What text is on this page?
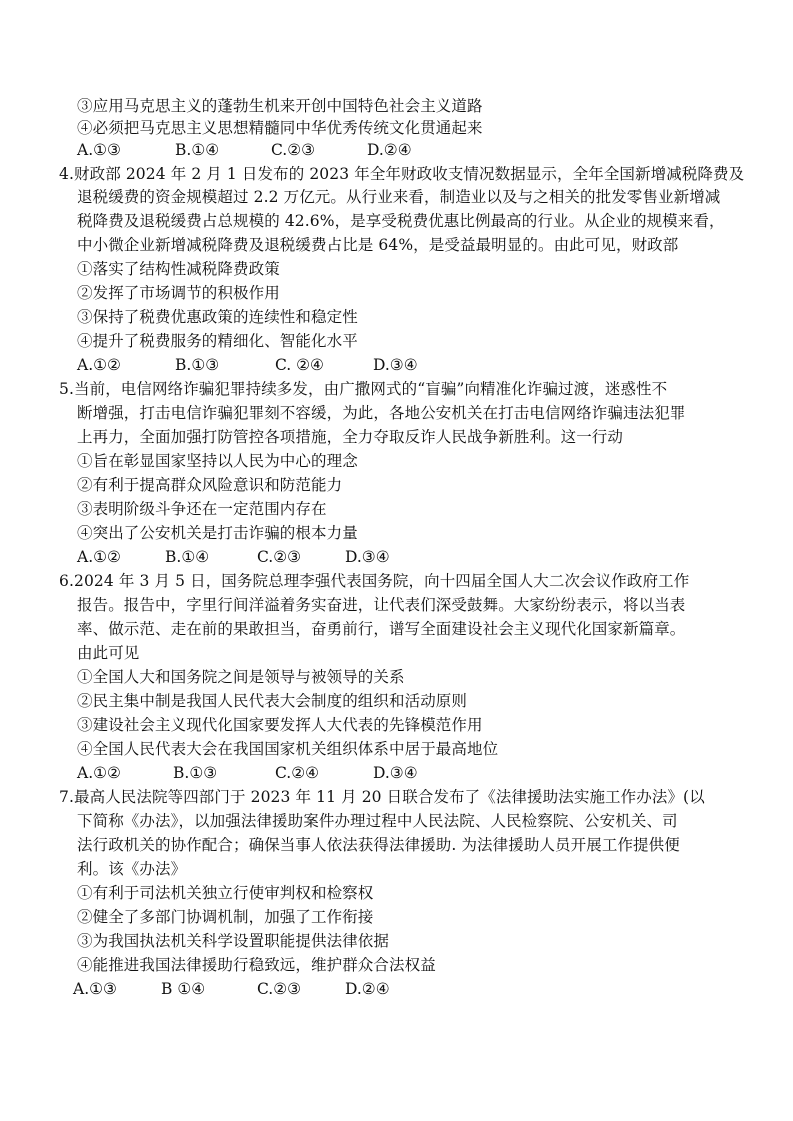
③应用马克思主义的蓬勃生机来开创中国特色社会主义道路
④必须把马克思主义思想精髓同中华优秀传统文化贯通起来
A.①③	B.①④	C.②③	D.②④
4.财政部 2024 年 2 月 1 日发布的 2023 年全年财政收支情况数据显示，全年全国新增减税降费及
退税缓费的资金规模超过 2.2 万亿元。从行业来看，制造业以及与之相关的批发零售业新增减
税降费及退税缓费占总规模的 42.6%，是享受税费优惠比例最高的行业。从企业的规模来看，
中小微企业新增减税降费及退税缓费占比是 64%，是受益最明显的。由此可见，财政部
①落实了结构性减税降费政策
②发挥了市场调节的积极作用
③保持了税费优惠政策的连续性和稳定性
④提升了税费服务的精细化、智能化水平
A.①②	B.①③	C. ②④	D.③④
5.当前，电信网络诈骗犯罪持续多发，由广撒网式的“盲骗”向精准化诈骗过渡，迷惑性不
断增强，打击电信诈骗犯罪刻不容缓，为此，各地公安机关在打击电信网络诈骗违法犯罪
上再力，全面加强打防管控各项措施，全力夺取反诈人民战争新胜利。这一行动
①旨在彰显国家坚持以人民为中心的理念
②有利于提高群众风险意识和防范能力
③表明阶级斗争还在一定范围内存在
④突出了公安机关是打击诈骗的根本力量
A.①②	B.①④	C.②③	D.③④
6.2024 年 3 月 5 日，国务院总理李强代表国务院，向十四届全国人大二次会议作政府工作
报告。报告中，字里行间洋溢着务实奋进，让代表们深受鼓舞。大家纷纷表示，将以当表
率、做示范、走在前的果敢担当，奋勇前行，谱写全面建设社会主义现代化国家新篇章。
由此可见
①全国人大和国务院之间是领导与被领导的关系
②民主集中制是我国人民代表大会制度的组织和活动原则
③建设社会主义现代化国家要发挥人大代表的先锋模范作用
④全国人民代表大会在我国国家机关组织体系中居于最高地位
A.①②	B.①③	C.②④	D.③④
7.最高人民法院等四部门于 2023 年 11 月 20 日联合发布了《法律援助法实施工作办法》(以
下简称《办法》，以加强法律援助案件办理过程中人民法院、人民检察院、公安机关、司
法行政机关的协作配合；确保当事人依法获得法律援助. 为法律援助人员开展工作提供便
利。该《办法》
①有利于司法机关独立行使审判权和检察权
②健全了多部门协调机制，加强了工作衔接
③为我国执法机关科学设置职能提供法律依据
④能推进我国法律援助行稳致远，维护群众合法权益
A.①③	B ①④	C.②③	D.②④
